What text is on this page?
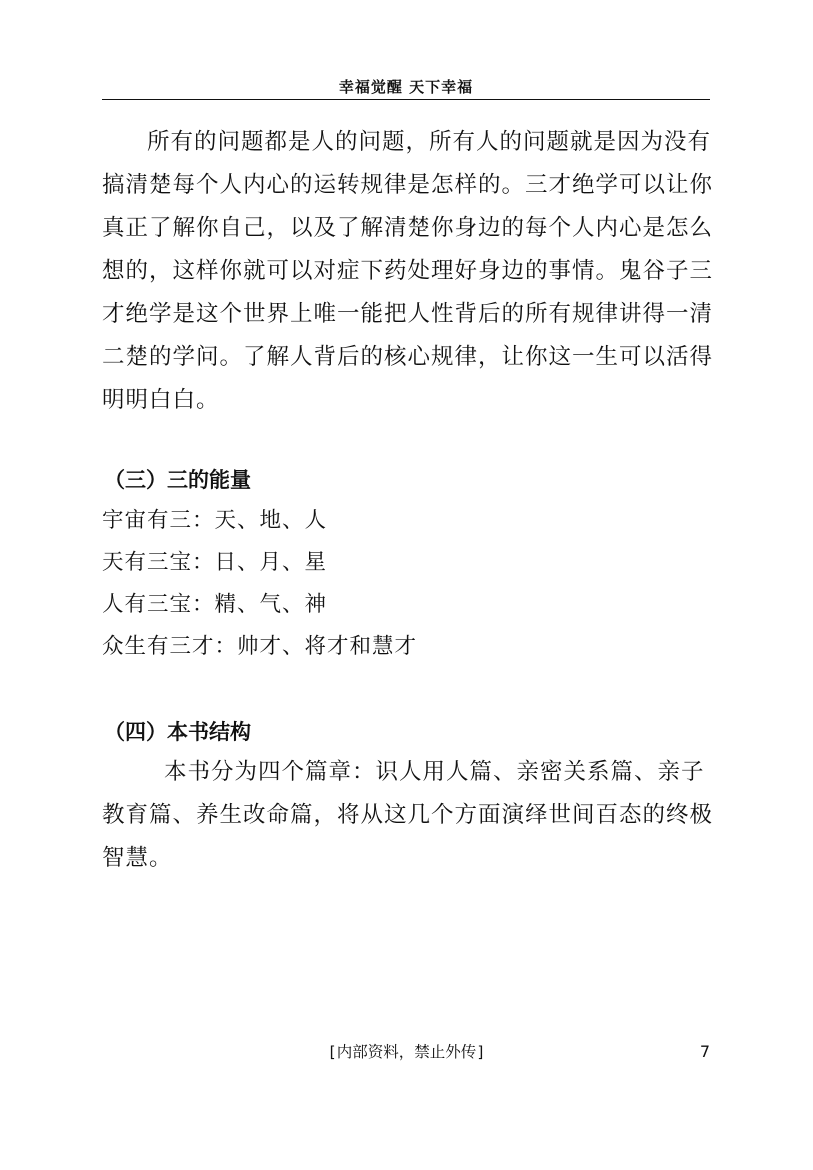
幸福觉醒 天下幸福

所有的问题都是人的问题，所有人的问题就是因为没有搞清楚每个人内心的运转规律是怎样的。三才绝学可以让你真正了解你自己，以及了解清楚你身边的每个人内心是怎么想的，这样你就可以对症下药处理好身边的事情。鬼谷子三才绝学是这个世界上唯一能把人性背后的所有规律讲得一清二楚的学问。了解人背后的核心规律，让你这一生可以活得明明白白。

（三）三的能量

宇宙有三：天、地、人

天有三宝：日、月、星

人有三宝：精、气、神

众生有三才：帅才、将才和慧才

（四）本书结构

本书分为四个篇章：识人用人篇、亲密关系篇、亲子教育篇、养生改命篇，将从这几个方面演绎世间百态的终极智慧。

[内部资料，禁止外传]	7
